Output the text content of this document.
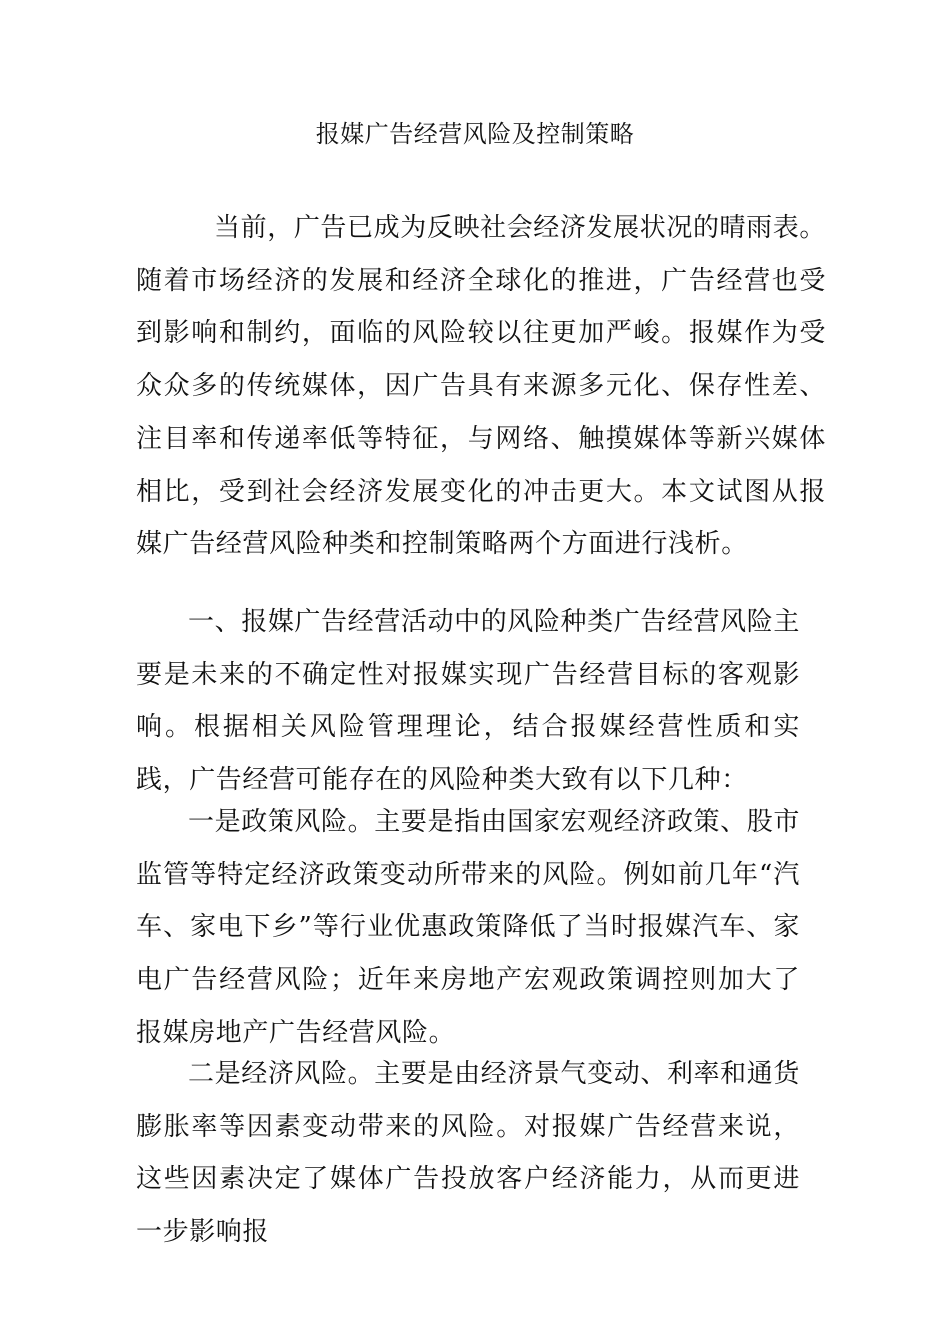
报媒广告经营风险及控制策略

当前，广告已成为反映社会经济发展状况的晴雨表。随着市场经济的发展和经济全球化的推进，广告经营也受到影响和制约，面临的风险较以往更加严峻。报媒作为受众众多的传统媒体，因广告具有来源多元化、保存性差、注目率和传递率低等特征，与网络、触摸媒体等新兴媒体相比，受到社会经济发展变化的冲击更大。本文试图从报媒广告经营风险种类和控制策略两个方面进行浅析。

一、报媒广告经营活动中的风险种类广告经营风险主要是未来的不确定性对报媒实现广告经营目标的客观影响。根据相关风险管理理论，结合报媒经营性质和实践，广告经营可能存在的风险种类大致有以下几种：

一是政策风险。主要是指由国家宏观经济政策、股市监管等特定经济政策变动所带来的风险。例如前几年“汽车、家电下乡”等行业优惠政策降低了当时报媒汽车、家电广告经营风险；近年来房地产宏观政策调控则加大了报媒房地产广告经营风险。

二是经济风险。主要是由经济景气变动、利率和通货膨胀率等因素变动带来的风险。对报媒广告经营来说，这些因素决定了媒体广告投放客户经济能力，从而更进一步影响报
